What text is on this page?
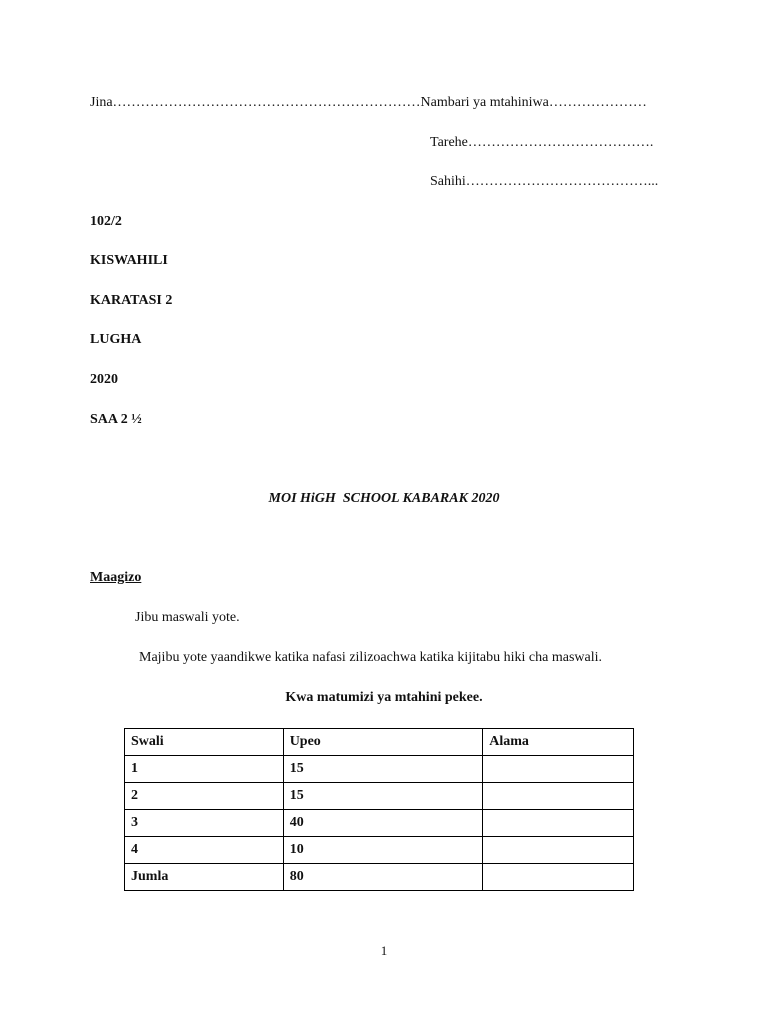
Jina…………………………………………………………Nambari ya mtahiniwa…………………
Tarehe………………………………….
Sahihi…………………………………...
102/2
KISWAHILI
KARATASI 2
LUGHA
2020
SAA 2 ½
MOI HiGH  SCHOOL KABARAK 2020
Maagizo
Jibu maswali yote.
Majibu yote yaandikwe katika nafasi zilizoachwa katika kijitabu hiki cha maswali.
Kwa matumizi ya mtahini pekee.
Swali	Upeo	Alama
1	15	
2	15	
3	40	
4	10	
Jumla	80	
1
